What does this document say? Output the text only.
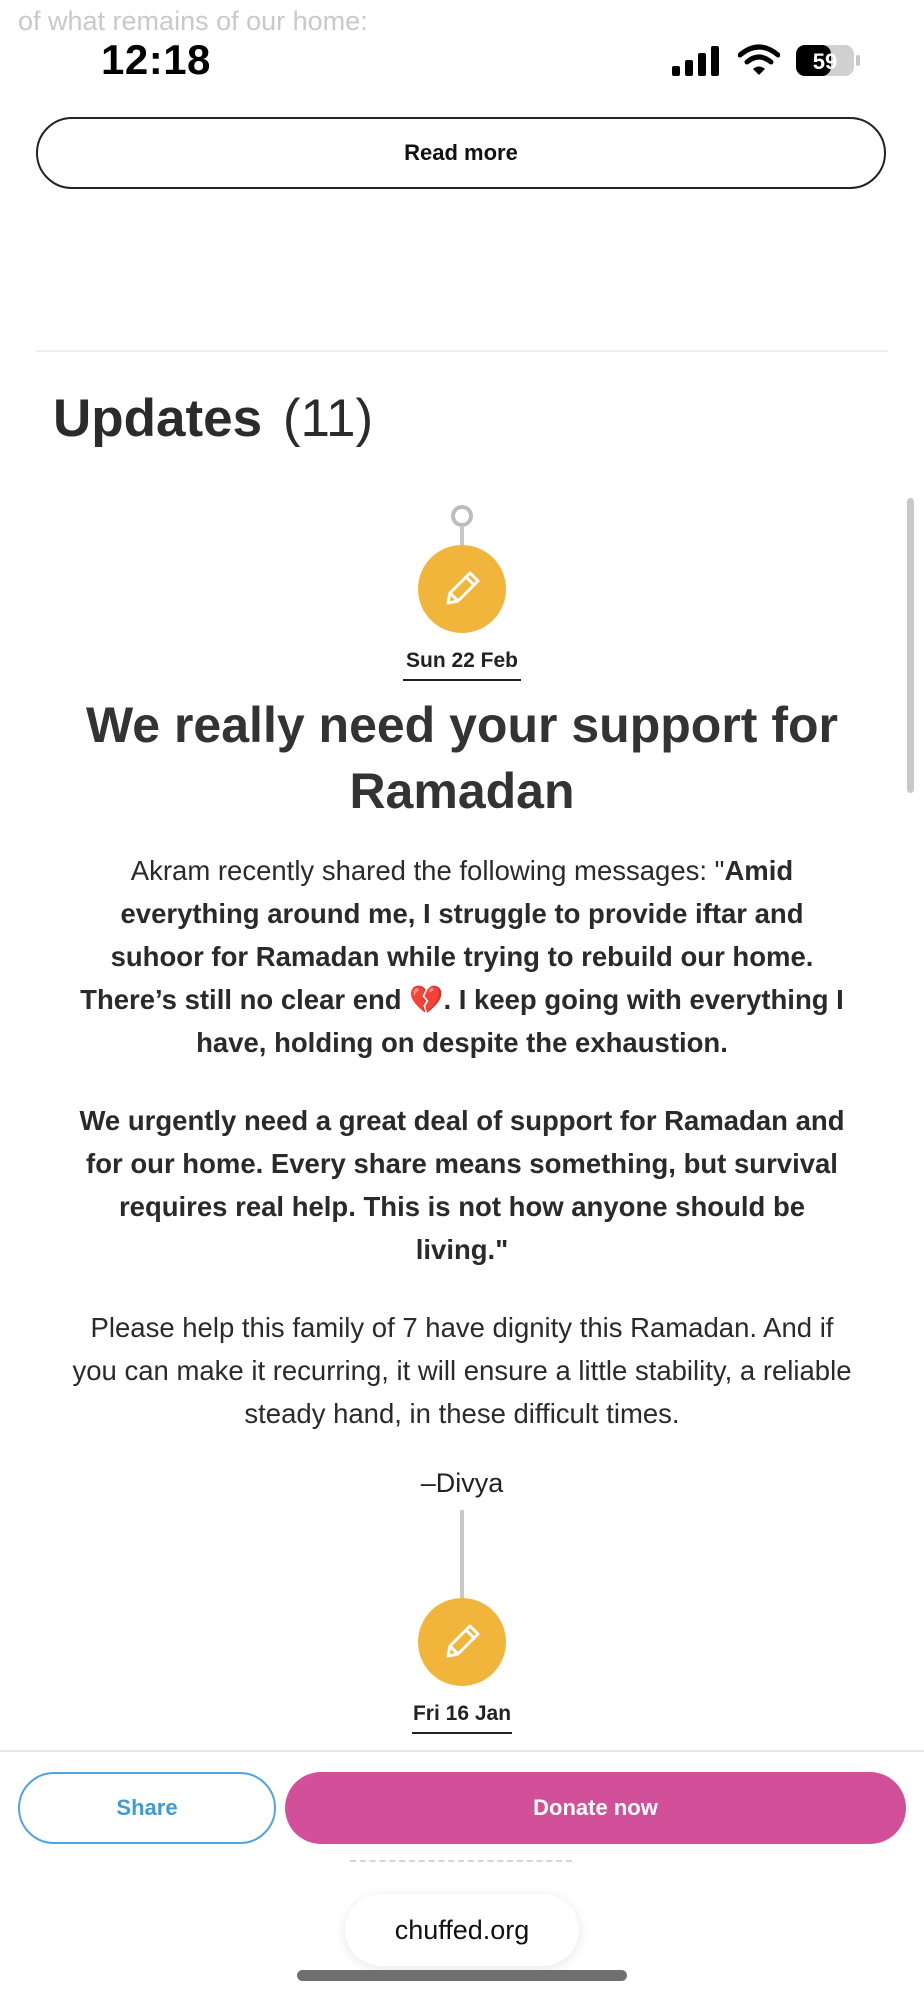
of what remains of our home:
12:18	59
Read more
Updates (11)
Sun 22 Feb
We really need your support for Ramadan

Akram recently shared the following messages: "Amid everything around me, I struggle to provide iftar and suhoor for Ramadan while trying to rebuild our home. There’s still no clear end 💔. I keep going with everything I have, holding on despite the exhaustion.

We urgently need a great deal of support for Ramadan and for our home. Every share means something, but survival requires real help. This is not how anyone should be living."

Please help this family of 7 have dignity this Ramadan. And if you can make it recurring, it will ensure a little stability, a reliable steady hand, in these difficult times.

–Divya
Fri 16 Jan
Share	Donate now
chuffed.org
